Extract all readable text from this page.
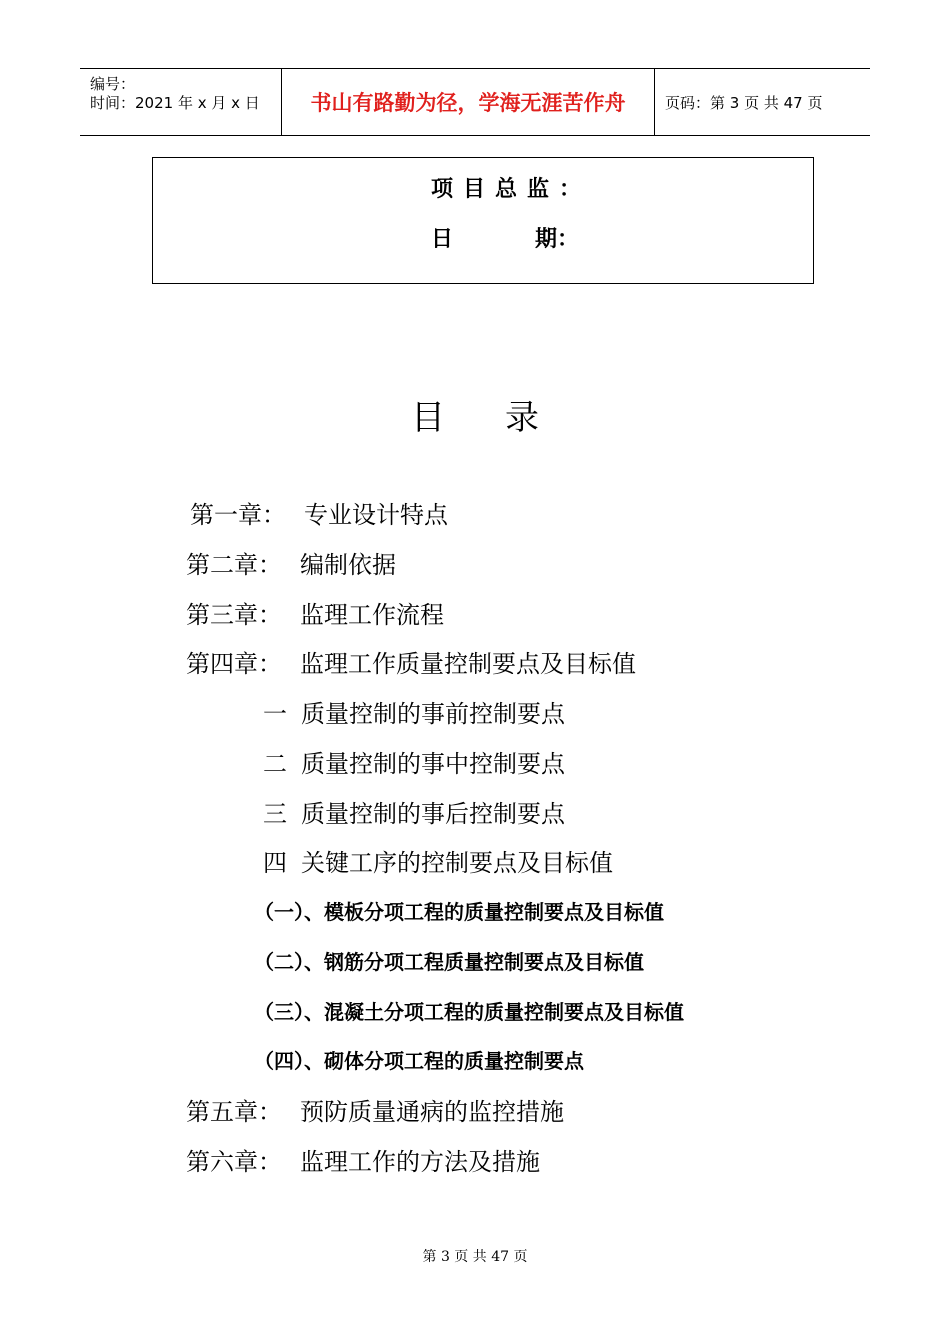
编号：
时间：2021 年 x 月 x 日 书山有路勤为径，学海无涯苦作舟	页码：第 3 页 共 47 页
项目总监：
日	期：
目 录
第一章： 专业设计特点
第二章： 编制依据
第三章： 监理工作流程
第四章： 监理工作质量控制要点及目标值
一 质量控制的事前控制要点
二 质量控制的事中控制要点
三 质量控制的事后控制要点
四 关键工序的控制要点及目标值
（一）、模板分项工程的质量控制要点及目标值
（二）、钢筋分项工程质量控制要点及目标值
（三）、混凝土分项工程的质量控制要点及目标值
（四）、砌体分项工程的质量控制要点
第五章： 预防质量通病的监控措施
第六章： 监理工作的方法及措施
第 3 页 共 47 页
